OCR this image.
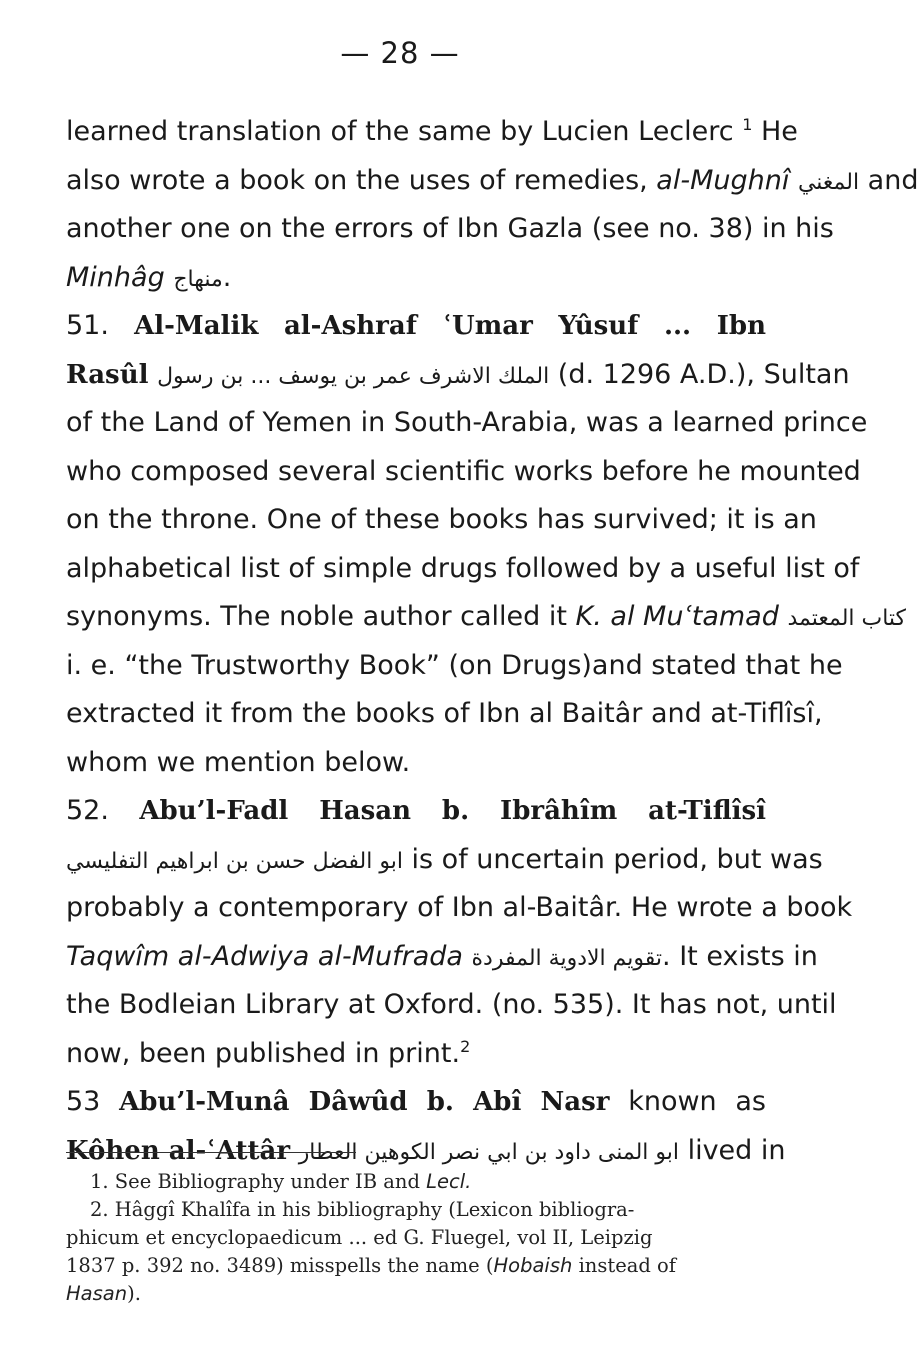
— 28 —
learned translation of the same by Lucien Leclerc $^1$ He
also wrote a book on the uses of remedies, al-Mughnî المغني and
another one on the errors of Ibn Gazla (see no. 38) in his
Minhâg منهاج.
51. Al-Malik al-Ashraf ʿUmar Yûsuf ... Ibn
Rasûl الملك الاشرف عمر بن يوسف ... بن رسول (d. 1296 A.D.), Sultan
of the Land of Yemen in South-Arabia, was a learned prince
who composed several scientific works before he mounted
on the throne. One of these books has survived; it is an
alphabetical list of simple drugs followed by a useful list of
synonyms. The noble author called it K. al Muʿtamad كتاب المعتمد
i. e. “the Trustworthy Book” (on Drugs)and stated that he
extracted it from the books of Ibn al Baitâr and at-Tiflîsî,
whom we mention below.
52. Abu’l-Fadl Hasan b. Ibrâhîm at-Tiflîsî
ابو الفضل حسن بن ابراهيم التفليسي is of uncertain period, but was
probably a contemporary of Ibn al-Baitâr. He wrote a book
Taqwîm al-Adwiya al-Mufrada تقويم الادوية المفردة. It exists in
the Bodleian Library at Oxford. (no. 535). It has not, until
now, been published in print.$^2$
53 Abu’l-Munâ Dâwûd b. Abî Nasr known as
Kôhen al-ʿAttâr ابو المنى داود بن ابي نصر الكوهين العطار lived in
1. See Bibliography under IB and Lecl.
2. Hâggî Khalîfa in his bibliography (Lexicon bibliogra-
phicum et encyclopaedicum ... ed G. Fluegel, vol II, Leipzig
1837 p. 392 no. 3489) misspells the name (Hobaish instead of
Hasan).
